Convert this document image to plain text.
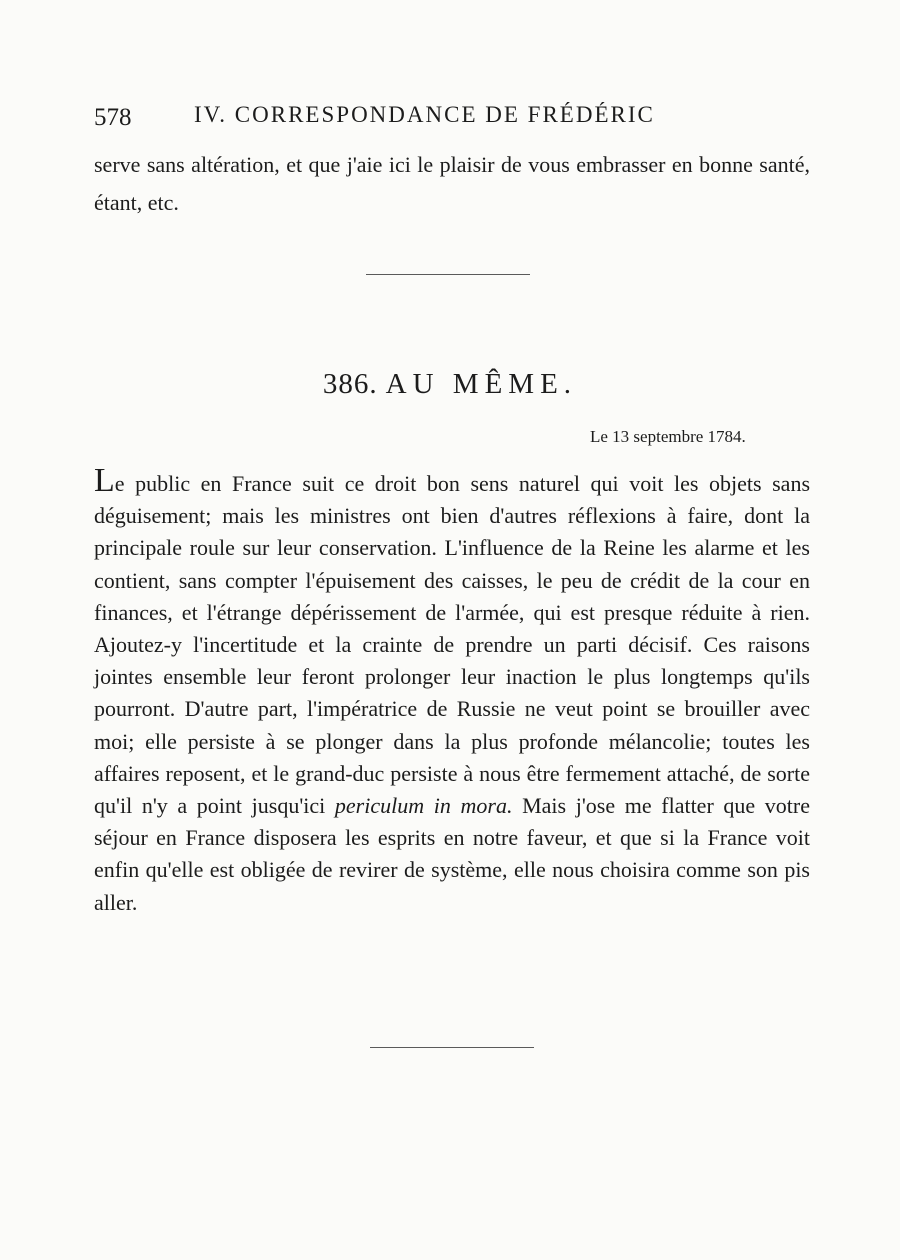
578	IV. CORRESPONDANCE DE FRÉDÉRIC

serve sans altération, et que j'aie ici le plaisir de vous embrasser en bonne santé, étant, etc.

386. AU MÊME.
Le 13 septembre 1784.

Le public en France suit ce droit bon sens naturel qui voit les objets sans déguisement; mais les ministres ont bien d'autres réflexions à faire, dont la principale roule sur leur conservation. L'influence de la Reine les alarme et les contient, sans compter l'épuisement des caisses, le peu de crédit de la cour en finances, et l'étrange dépérissement de l'armée, qui est presque réduite à rien. Ajoutez-y l'incertitude et la crainte de prendre un parti décisif. Ces raisons jointes ensemble leur feront prolonger leur inaction le plus longtemps qu'ils pourront. D'autre part, l'impératrice de Russie ne veut point se brouiller avec moi; elle persiste à se plonger dans la plus profonde mélancolie; toutes les affaires reposent, et le grand-duc persiste à nous être fermement attaché, de sorte qu'il n'y a point jusqu'ici periculum in mora. Mais j'ose me flatter que votre séjour en France disposera les esprits en notre faveur, et que si la France voit enfin qu'elle est obligée de revirer de système, elle nous choisira comme son pis aller.
